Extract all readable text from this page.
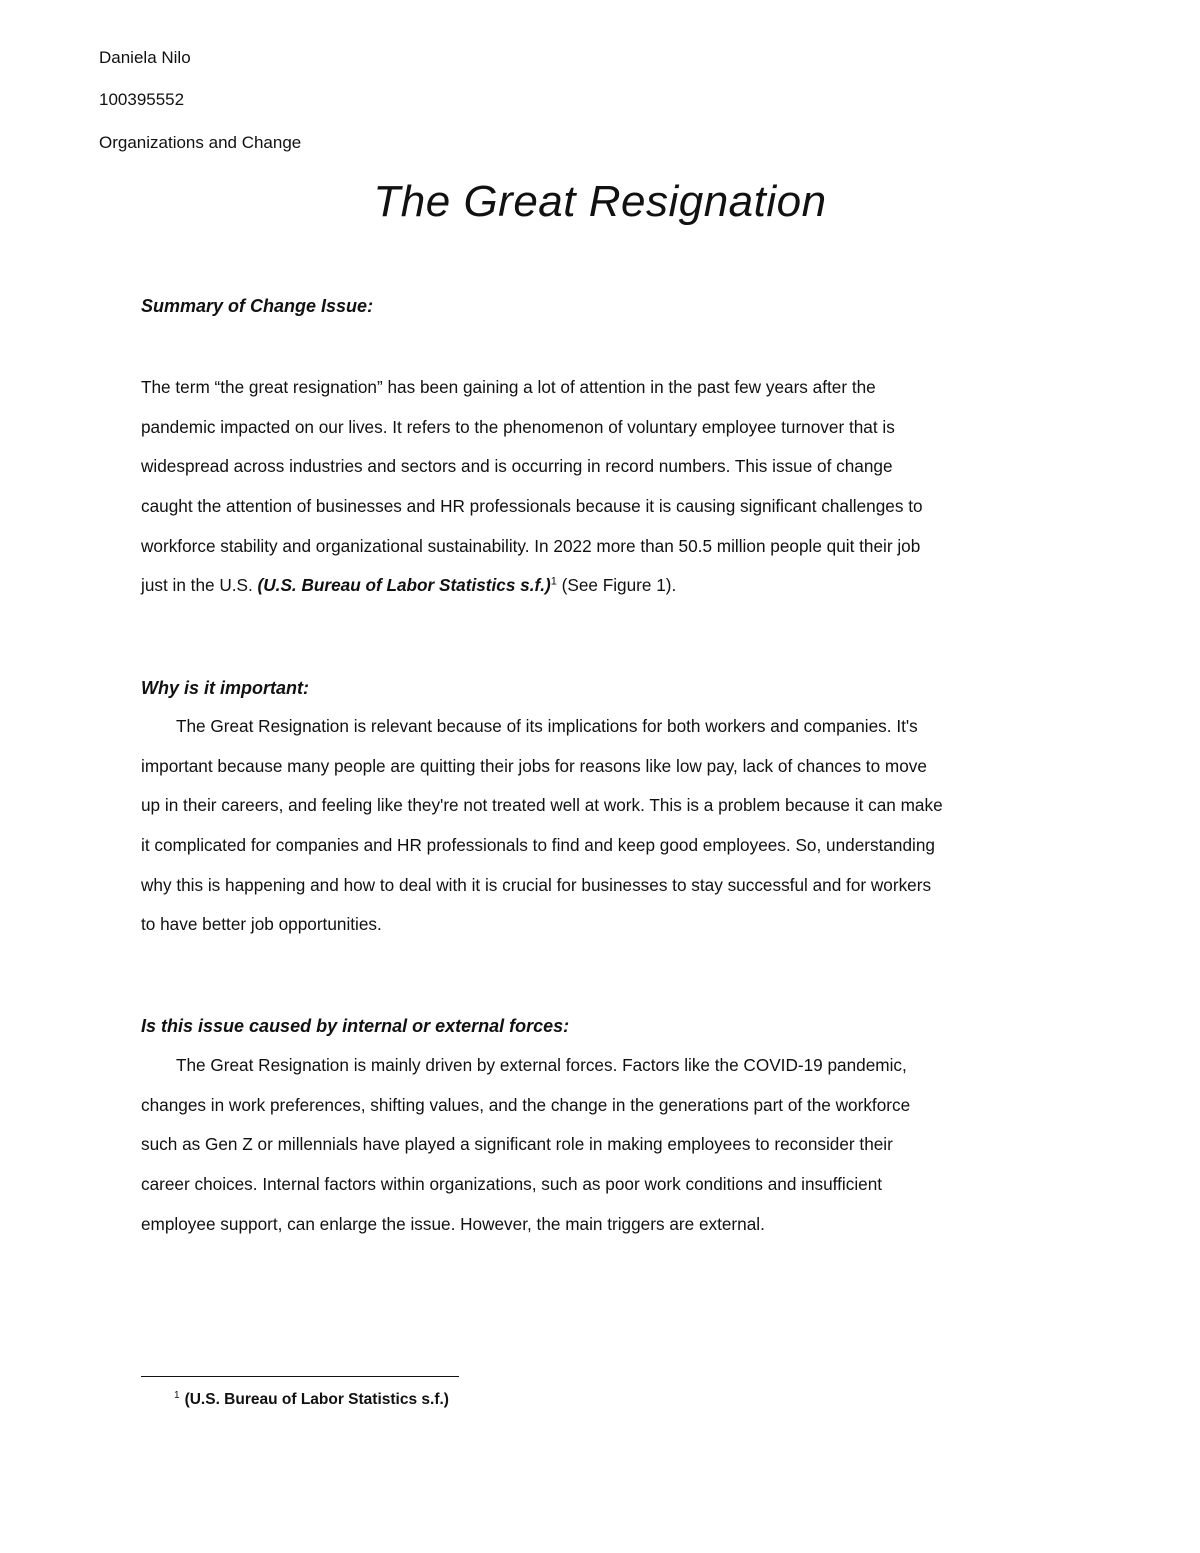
Daniela Nilo
100395552
Organizations and Change
The Great Resignation
Summary of Change Issue:
The term “the great resignation” has been gaining a lot of attention in the past few years after the
pandemic impacted on our lives. It refers to the phenomenon of voluntary employee turnover that is
widespread across industries and sectors and is occurring in record numbers. This issue of change
caught the attention of businesses and HR professionals because it is causing significant challenges to
workforce stability and organizational sustainability. In 2022 more than 50.5 million people quit their job
just in the U.S. (U.S. Bureau of Labor Statistics s.f.)$^1$ (See Figure 1).
Why is it important:
The Great Resignation is relevant because of its implications for both workers and companies. It's
important because many people are quitting their jobs for reasons like low pay, lack of chances to move
up in their careers, and feeling like they're not treated well at work. This is a problem because it can make
it complicated for companies and HR professionals to find and keep good employees. So, understanding
why this is happening and how to deal with it is crucial for businesses to stay successful and for workers
to have better job opportunities.
Is this issue caused by internal or external forces:
The Great Resignation is mainly driven by external forces. Factors like the COVID-19 pandemic,
changes in work preferences, shifting values, and the change in the generations part of the workforce
such as Gen Z or millennials have played a significant role in making employees to reconsider their
career choices. Internal factors within organizations, such as poor work conditions and insufficient
employee support, can enlarge the issue. However, the main triggers are external.
$^1$ (U.S. Bureau of Labor Statistics s.f.)
